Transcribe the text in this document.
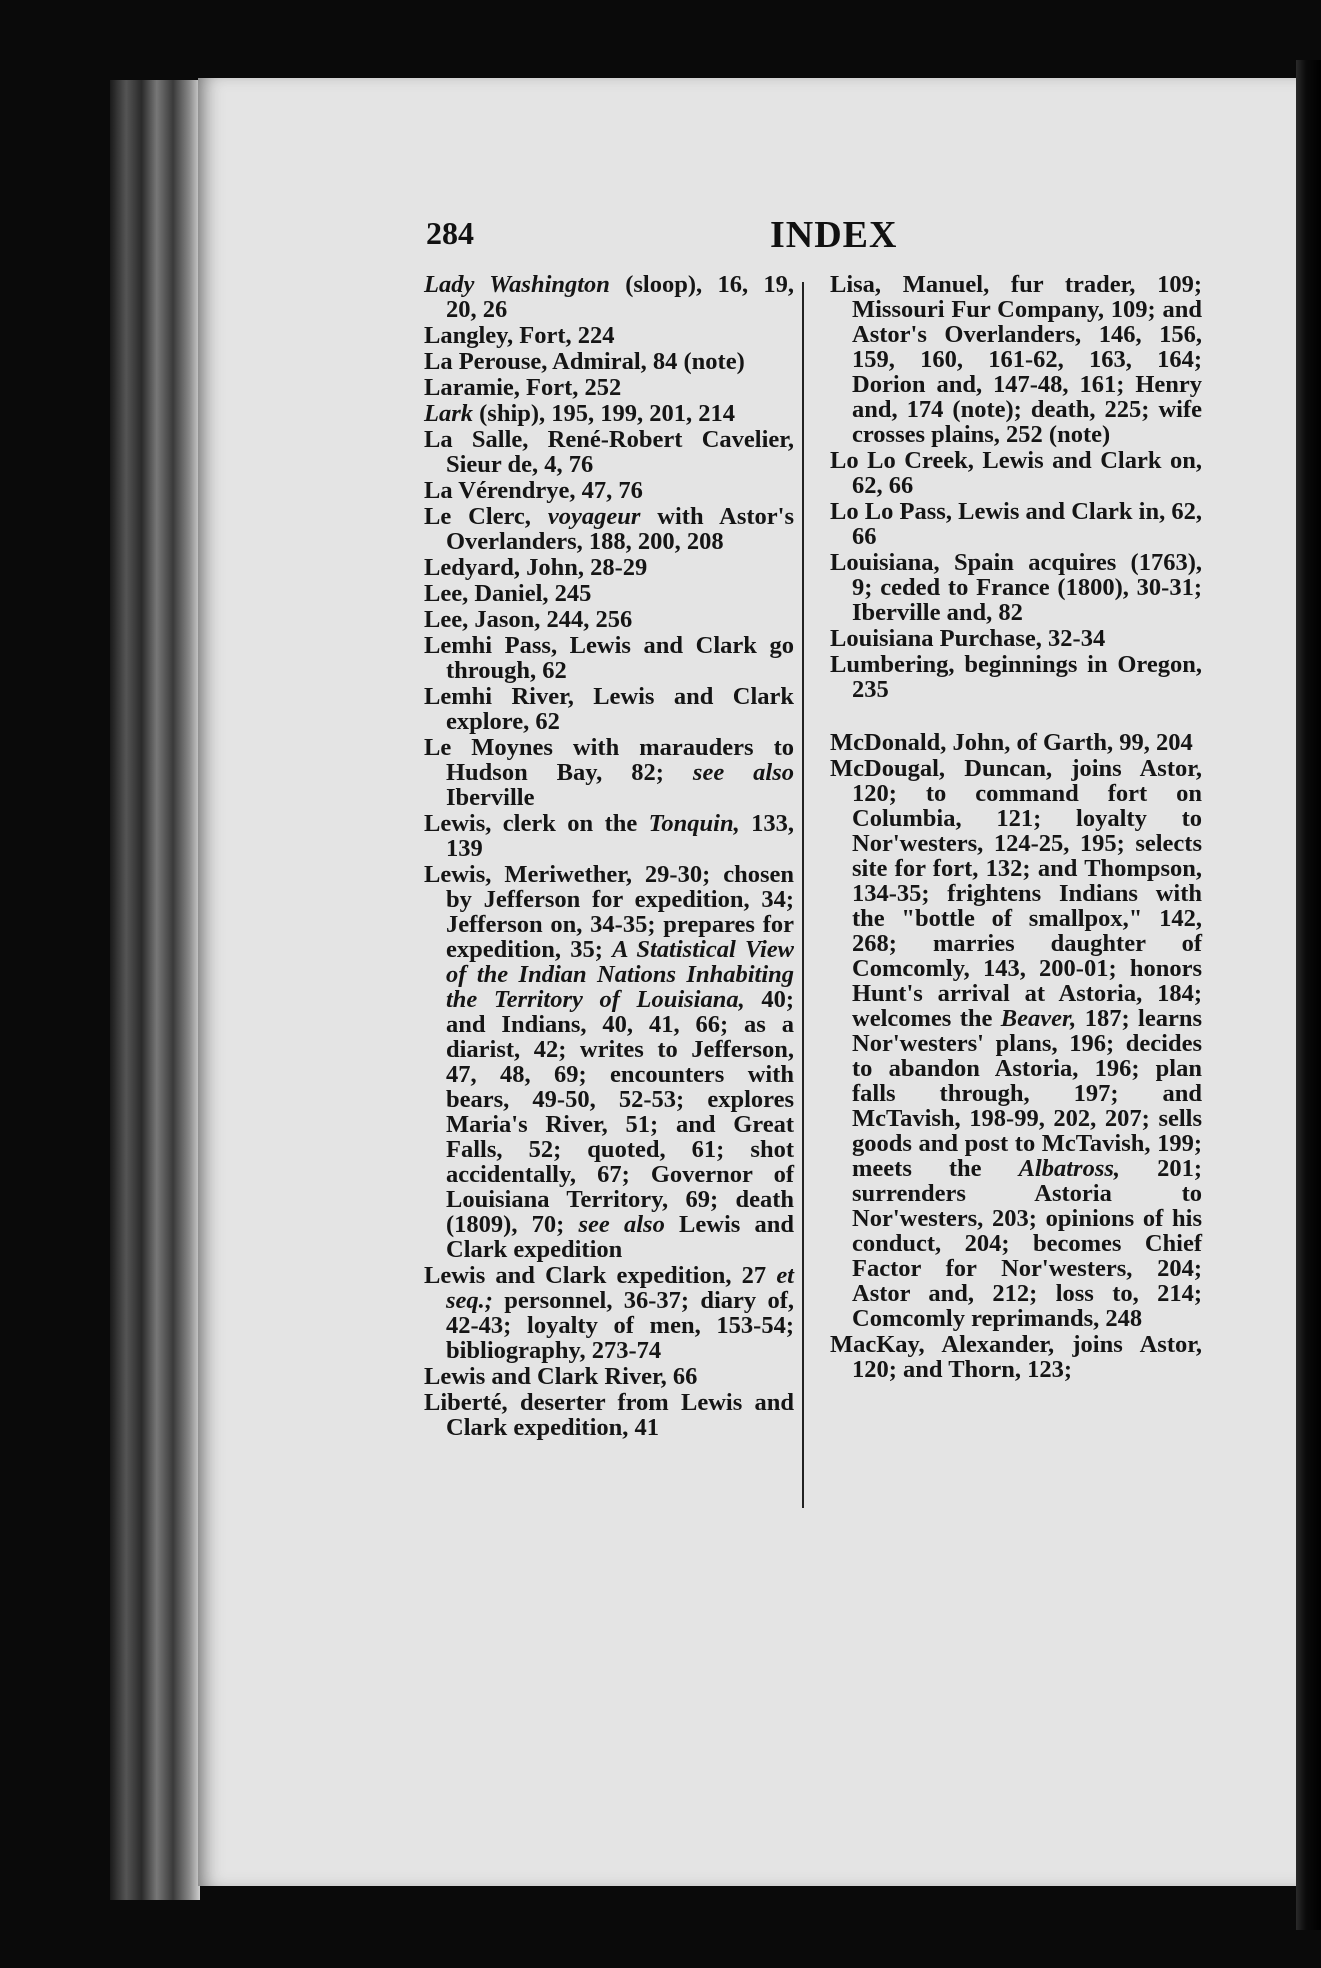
284	INDEX

Lady Washington (sloop), 16, 19, 20, 26

Langley, Fort, 224

La Perouse, Admiral, 84 (note)

Laramie, Fort, 252

Lark (ship), 195, 199, 201, 214

La Salle, René-Robert Cavelier, Sieur de, 4, 76

La Vérendrye, 47, 76

Le Clerc, voyageur with Astor's Overlanders, 188, 200, 208

Ledyard, John, 28-29

Lee, Daniel, 245

Lee, Jason, 244, 256

Lemhi Pass, Lewis and Clark go through, 62

Lemhi River, Lewis and Clark explore, 62

Le Moynes with marauders to Hudson Bay, 82; see also Iberville

Lewis, clerk on the Tonquin, 133, 139

Lewis, Meriwether, 29-30; chosen by Jefferson for expedition, 34; Jefferson on, 34-35; prepares for expedition, 35; A Statistical View of the Indian Nations Inhabiting the Territory of Louisiana, 40; and Indians, 40, 41, 66; as a diarist, 42; writes to Jefferson, 47, 48, 69; encounters with bears, 49-50, 52-53; explores Maria's River, 51; and Great Falls, 52; quoted, 61; shot accidentally, 67; Governor of Louisiana Territory, 69; death (1809), 70; see also Lewis and Clark expedition

Lewis and Clark expedition, 27 et seq.; personnel, 36-37; diary of, 42-43; loyalty of men, 153-54; bibliography, 273-74

Lewis and Clark River, 66

Liberté, deserter from Lewis and Clark expedition, 41

Lisa, Manuel, fur trader, 109; Missouri Fur Company, 109; and Astor's Overlanders, 146, 156, 159, 160, 161-62, 163, 164; Dorion and, 147-48, 161; Henry and, 174 (note); death, 225; wife crosses plains, 252 (note)

Lo Lo Creek, Lewis and Clark on, 62, 66

Lo Lo Pass, Lewis and Clark in, 62, 66

Louisiana, Spain acquires (1763), 9; ceded to France (1800), 30-31; Iberville and, 82

Louisiana Purchase, 32-34

Lumbering, beginnings in Oregon, 235

McDonald, John, of Garth, 99, 204

McDougal, Duncan, joins Astor, 120; to command fort on Columbia, 121; loyalty to Nor'westers, 124-25, 195; selects site for fort, 132; and Thompson, 134-35; frightens Indians with the "bottle of smallpox," 142, 268; marries daughter of Comcomly, 143, 200-01; honors Hunt's arrival at Astoria, 184; welcomes the Beaver, 187; learns Nor'westers' plans, 196; decides to abandon Astoria, 196; plan falls through, 197; and McTavish, 198-99, 202, 207; sells goods and post to McTavish, 199; meets the Albatross, 201; surrenders Astoria to Nor'westers, 203; opinions of his conduct, 204; becomes Chief Factor for Nor'westers, 204; Astor and, 212; loss to, 214; Comcomly reprimands, 248

MacKay, Alexander, joins Astor, 120; and Thorn, 123;
